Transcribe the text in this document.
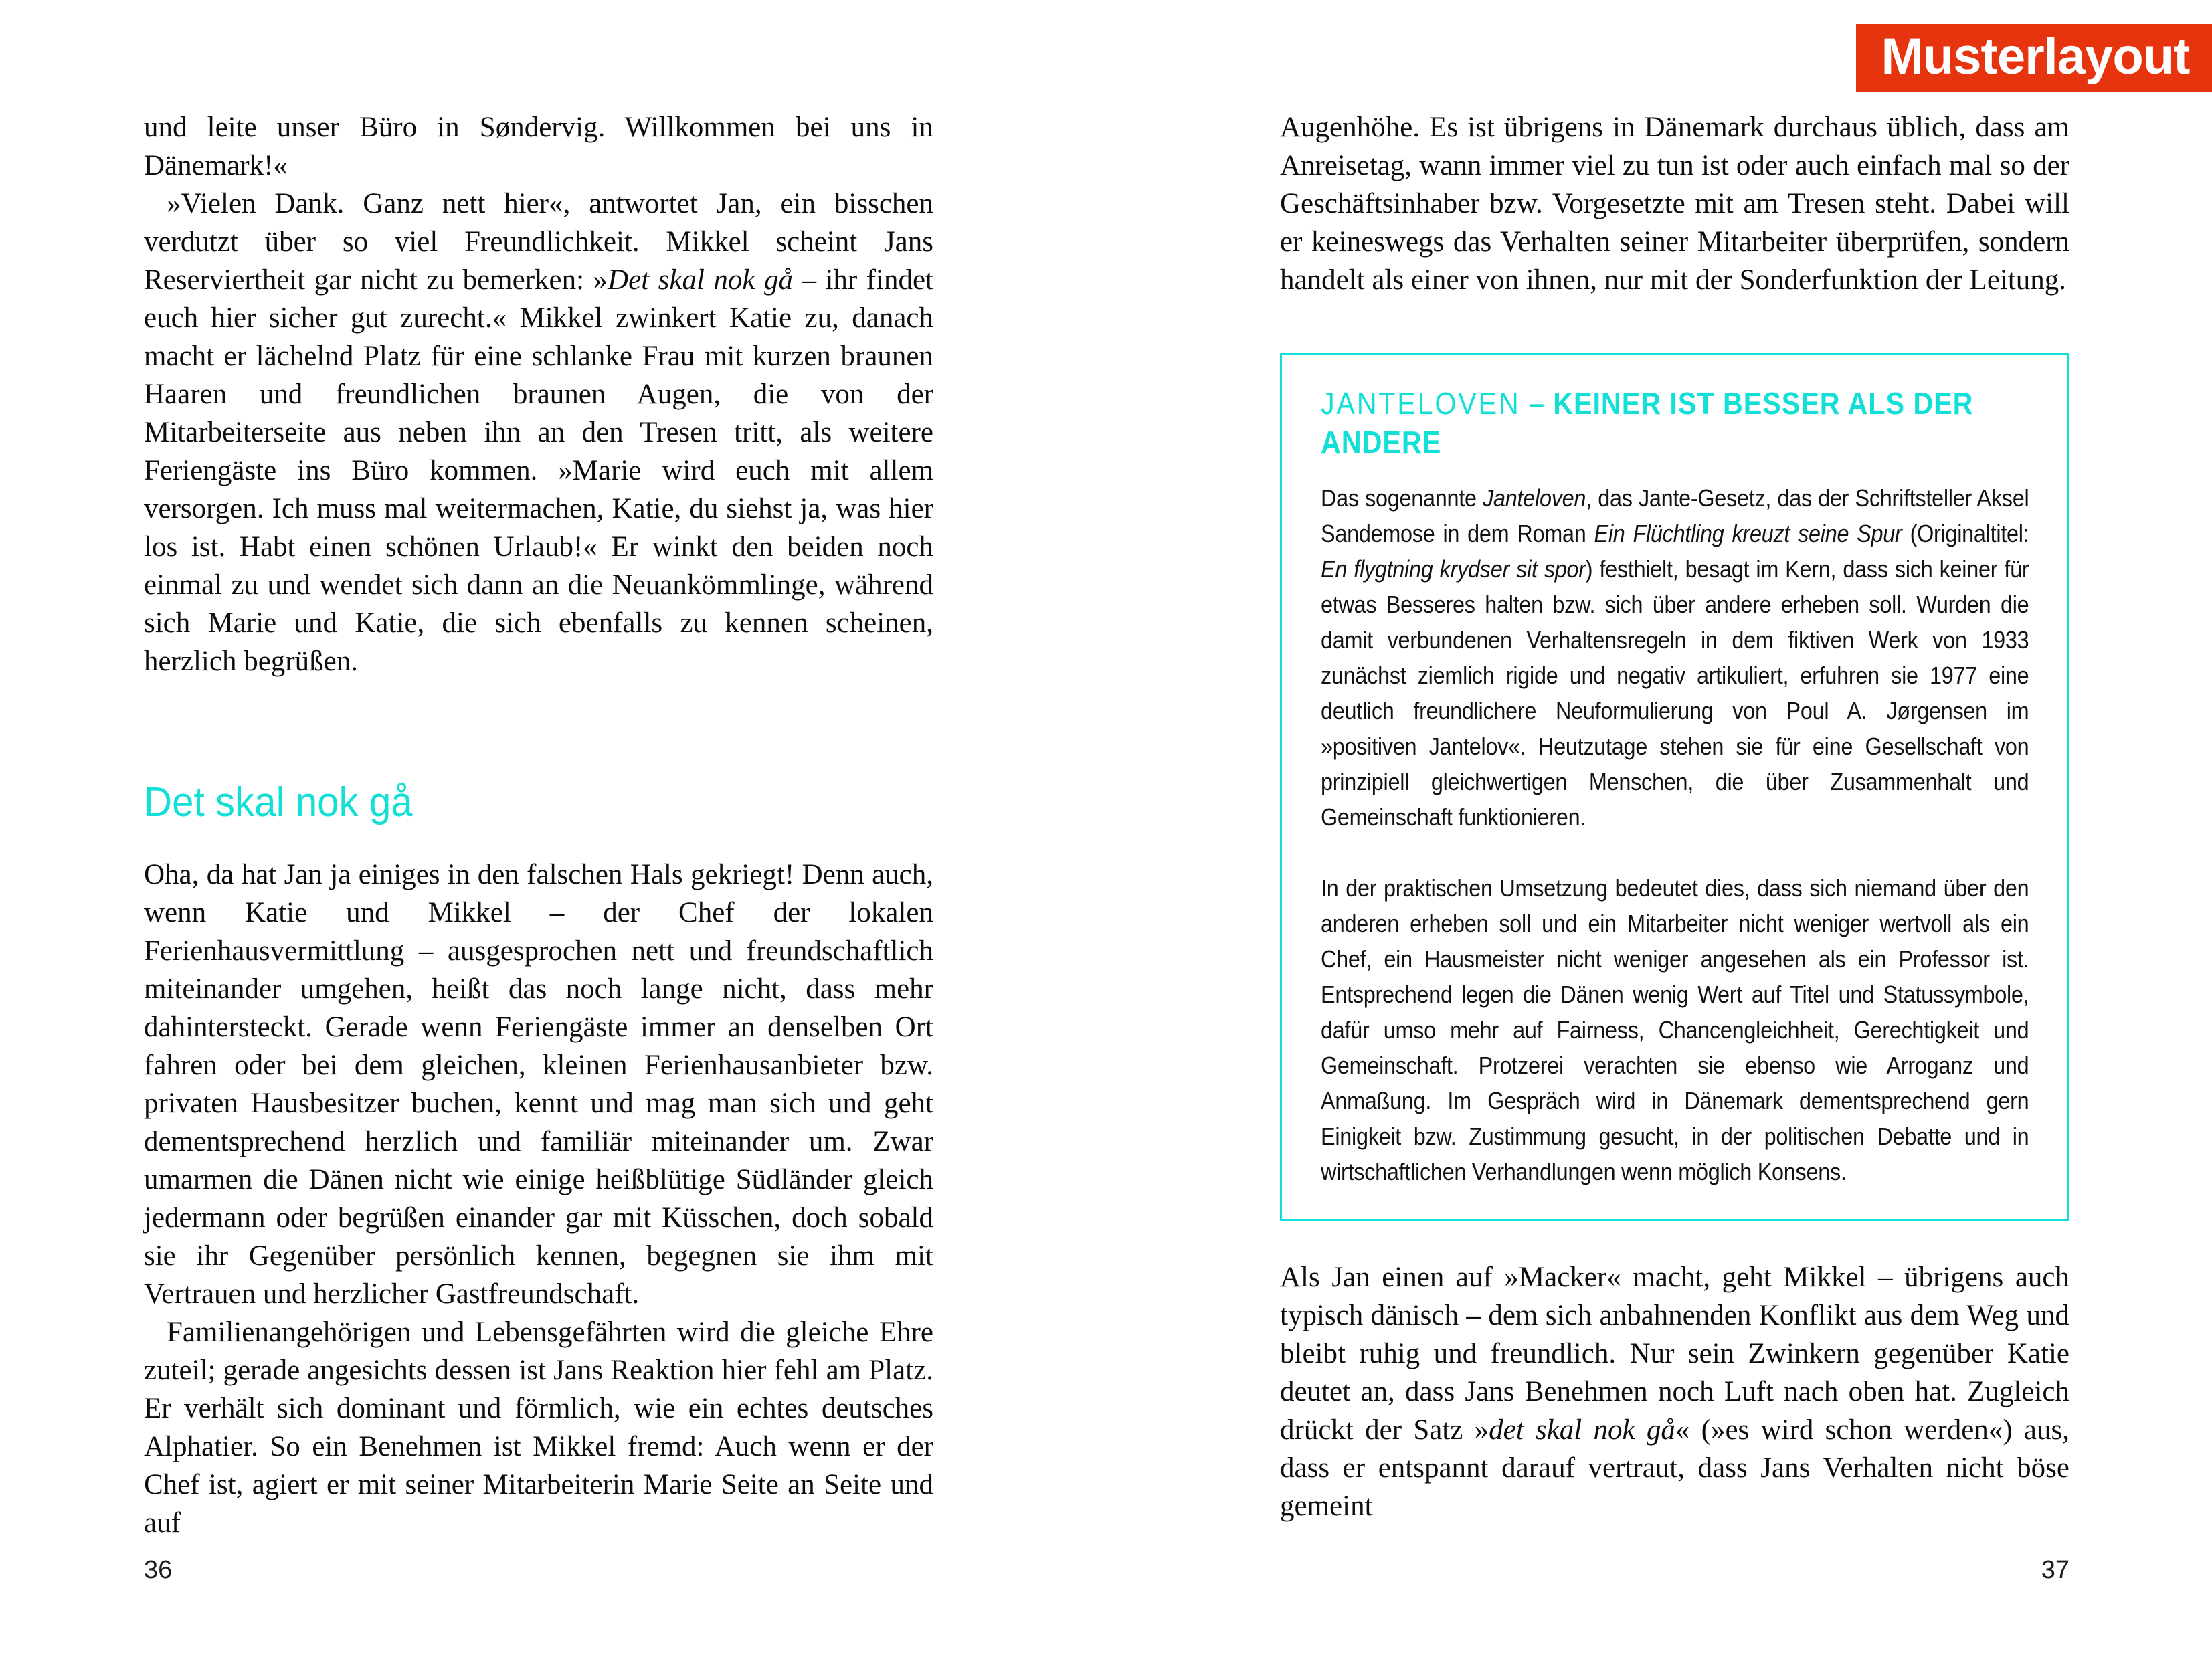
Musterlayout

und leite unser Büro in Søndervig. Willkommen bei uns in Dänemark!«

»Vielen Dank. Ganz nett hier«, antwortet Jan, ein bisschen verdutzt über so viel Freundlichkeit. Mikkel scheint Jans Reserviertheit gar nicht zu bemerken: »Det skal nok gå – ihr findet euch hier sicher gut zurecht.« Mikkel zwinkert Katie zu, danach macht er lächelnd Platz für eine schlanke Frau mit kurzen braunen Haaren und freundlichen braunen Augen, die von der Mitarbeiterseite aus neben ihn an den Tresen tritt, als weitere Feriengäste ins Büro kommen. »Marie wird euch mit allem versorgen. Ich muss mal weitermachen, Katie, du siehst ja, was hier los ist. Habt einen schönen Urlaub!« Er winkt den beiden noch einmal zu und wendet sich dann an die Neuankömmlinge, während sich Marie und Katie, die sich ebenfalls zu kennen scheinen, herzlich begrüßen.

Det skal nok gå

Oha, da hat Jan ja einiges in den falschen Hals gekriegt! Denn auch, wenn Katie und Mikkel – der Chef der lokalen Ferienhausvermittlung – ausgesprochen nett und freundschaftlich miteinander umgehen, heißt das noch lange nicht, dass mehr dahintersteckt. Gerade wenn Feriengäste immer an denselben Ort fahren oder bei dem gleichen, kleinen Ferienhausanbieter bzw. privaten Hausbesitzer buchen, kennt und mag man sich und geht dementsprechend herzlich und familiär miteinander um. Zwar umarmen die Dänen nicht wie einige heißblütige Südländer gleich jedermann oder begrüßen einander gar mit Küsschen, doch sobald sie ihr Gegenüber persönlich kennen, begegnen sie ihm mit Vertrauen und herzlicher Gastfreundschaft.

Familienangehörigen und Lebensgefährten wird die gleiche Ehre zuteil; gerade angesichts dessen ist Jans Reaktion hier fehl am Platz. Er verhält sich dominant und förmlich, wie ein echtes deutsches Alphatier. So ein Benehmen ist Mikkel fremd: Auch wenn er der Chef ist, agiert er mit seiner Mitarbeiterin Marie Seite an Seite und auf

36

Augenhöhe. Es ist übrigens in Dänemark durchaus üblich, dass am Anreisetag, wann immer viel zu tun ist oder auch einfach mal so der Geschäftsinhaber bzw. Vorgesetzte mit am Tresen steht. Dabei will er keineswegs das Verhalten seiner Mitarbeiter überprüfen, sondern handelt als einer von ihnen, nur mit der Sonderfunktion der Leitung.

JANTELOVEN – KEINER IST BESSER ALS DER ANDERE

Das sogenannte Janteloven, das Jante-Gesetz, das der Schriftsteller Aksel Sandemose in dem Roman Ein Flüchtling kreuzt seine Spur (Originaltitel: En flygtning krydser sit spor) festhielt, besagt im Kern, dass sich keiner für etwas Besseres halten bzw. sich über andere erheben soll. Wurden die damit verbundenen Verhaltensregeln in dem fiktiven Werk von 1933 zunächst ziemlich rigide und negativ artikuliert, erfuhren sie 1977 eine deutlich freundlichere Neuformulierung von Poul A. Jørgensen im »positiven Jantelov«. Heutzutage stehen sie für eine Gesellschaft von prinzipiell gleichwertigen Menschen, die über Zusammenhalt und Gemeinschaft funktionieren.

In der praktischen Umsetzung bedeutet dies, dass sich niemand über den anderen erheben soll und ein Mitarbeiter nicht weniger wertvoll als ein Chef, ein Hausmeister nicht weniger angesehen als ein Professor ist. Entsprechend legen die Dänen wenig Wert auf Titel und Statussymbole, dafür umso mehr auf Fairness, Chancengleichheit, Gerechtigkeit und Gemeinschaft. Protzerei verachten sie ebenso wie Arroganz und Anmaßung. Im Gespräch wird in Dänemark dementsprechend gern Einigkeit bzw. Zustimmung gesucht, in der politischen Debatte und in wirtschaftlichen Verhandlungen wenn möglich Konsens.

Als Jan einen auf »Macker« macht, geht Mikkel – übrigens auch typisch dänisch – dem sich anbahnenden Konflikt aus dem Weg und bleibt ruhig und freundlich. Nur sein Zwinkern gegenüber Katie deutet an, dass Jans Benehmen noch Luft nach oben hat. Zugleich drückt der Satz »det skal nok gå« (»es wird schon werden«) aus, dass er entspannt darauf vertraut, dass Jans Verhalten nicht böse gemeint

37
